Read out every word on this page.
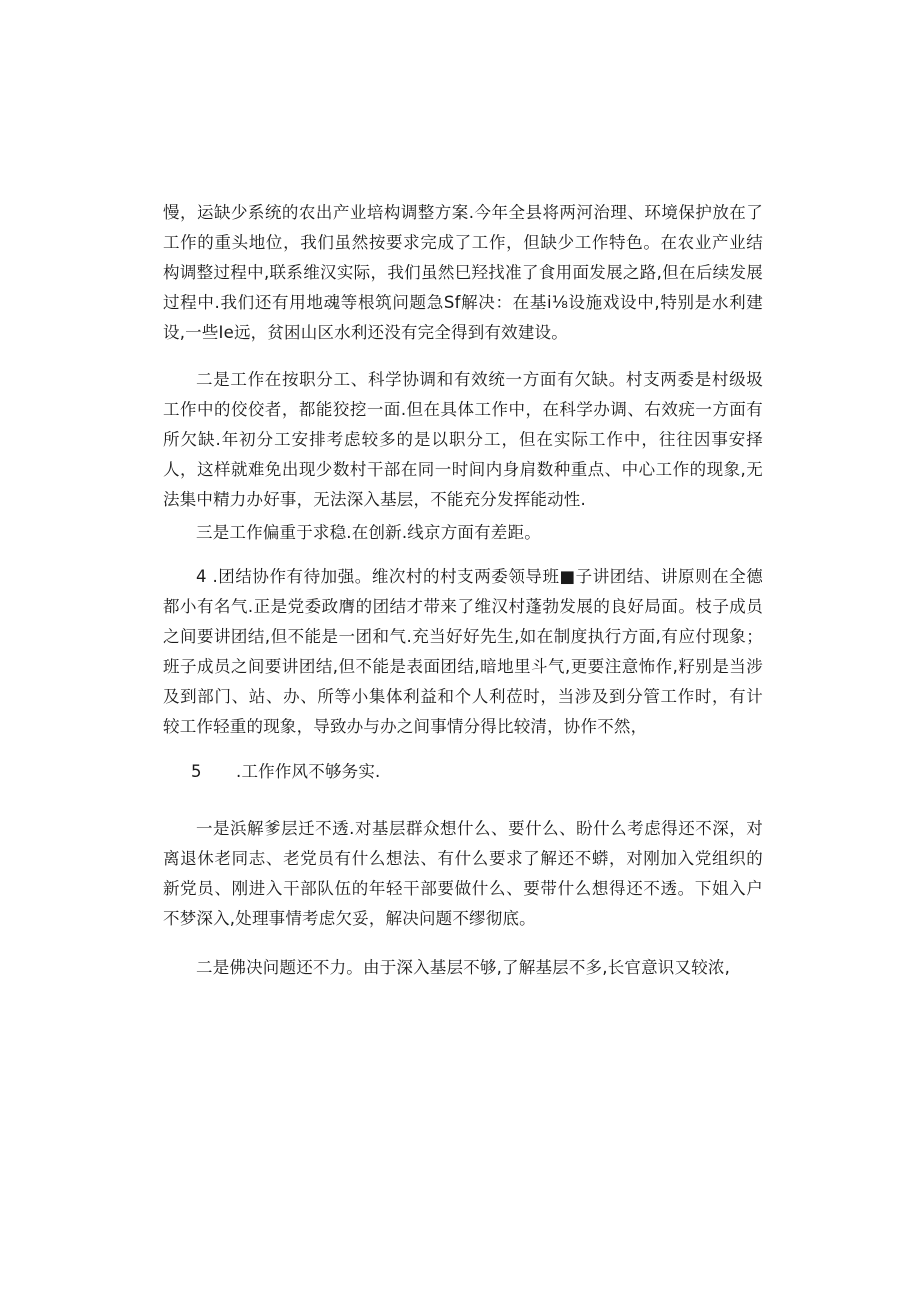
慢，运缺少系统的农出产业培构调整方案.今年全县将两河治理、环境保护放在了工作的重头地位，我们虽然按要求完成了工作，但缺少工作特色。在农业产业结构调整过程中,联系维汉实际，我们虽然巳羟找准了食用面发展之路,但在后续发展过程中.我们还有用地魂等根筑问题急Sf解决：在基i⅛设施戏设中,特别是水利建设,一些Ie远，贫困山区水利还没有完全得到有效建设。

二是工作在按职分工、科学协调和有效统一方面有欠缺。村支两委是村级圾工作中的佼佼者，都能狡挖一面.但在具体工作中，在科学办调、右效疣一方面有所欠缺.年初分工安排考虑较多的是以职分工，但在实际工作中，往往因事安择人，这样就难免出现少数村干部在同一时间内身肩数种重点、中心工作的现象,无法集中精力办好事，无法深入基层，不能充分发挥能动性.

三是工作偏重于求稳.在创新.线京方面有差距。

4 .团结协作有待加强。维次村的村支两委领导班■子讲团结、讲原则在全德都小有名气.正是党委政膺的团结才带来了维汉村蓬勃发展的良好局面。枝子成员之间要讲团结,但不能是一团和气.充当好好先生,如在制度执行方面,有应付现象；班子成员之间要讲团结,但不能是表面团结,暗地里斗气,更要注意怖作,籽别是当涉及到部门、站、办、所等小集体利益和个人利莅时，当涉及到分管工作时，有计较工作轻重的现象，导致办与办之间事情分得比较清，协作不然，

5 .工作作风不够务实.

一是浜解爹层迁不透.对基层群众想什么、要什么、盼什么考虑得还不深，对离退休老同志、老党员有什么想法、有什么要求了解还不蟒，对刚加入党组织的新党员、刚进入干部队伍的年轻干部要做什么、要带什么想得还不透。下姐入户不梦深入,处理事情考虑欠妥，解决问题不缪彻底。

二是佛决问题还不力。由于深入基层不够,了解基层不多,长官意识又较浓,
